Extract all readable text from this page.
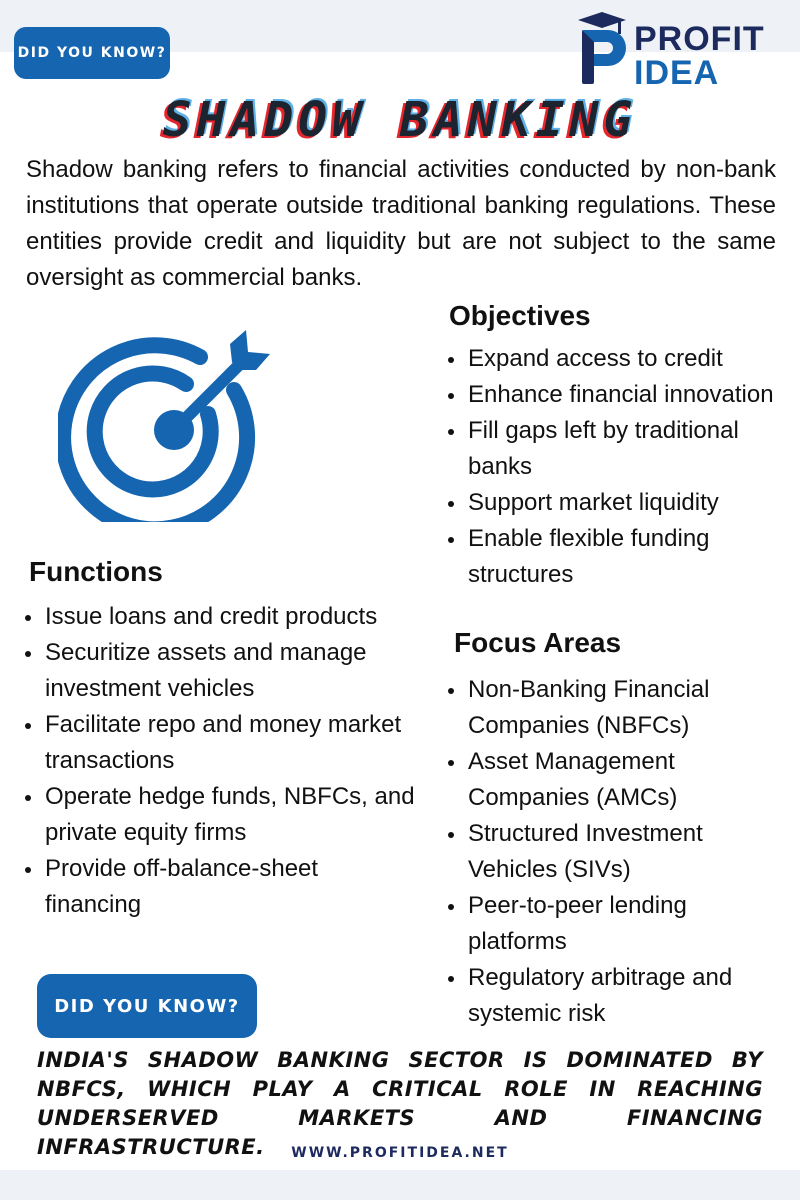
DID YOU KNOW?	PROFIT
IDEA
SHADOW BANKING

Shadow banking refers to financial activities conducted by non-bank institutions that operate outside traditional banking regulations. These entities provide credit and liquidity but are not subject to the same oversight as commercial banks.

Objectives
Expand access to credit
Enhance financial innovation
Fill gaps left by traditional banks
Support market liquidity
Enable flexible funding structures
Functions
Issue loans and credit products
Securitize assets and manage investment vehicles
Facilitate repo and money market transactions
Operate hedge funds, NBFCs, and private equity firms
Provide off-balance-sheet financing
Focus Areas
Non-Banking Financial Companies (NBFCs)
Asset Management Companies (AMCs)
Structured Investment Vehicles (SIVs)
Peer-to-peer lending platforms
Regulatory arbitrage and systemic risk
DID YOU KNOW?

INDIA'S SHADOW BANKING SECTOR IS DOMINATED BY NBFCS, WHICH PLAY A CRITICAL ROLE IN REACHING UNDERSERVED MARKETS AND FINANCING INFRASTRUCTURE.	WWW.PROFITIDEA.NET
